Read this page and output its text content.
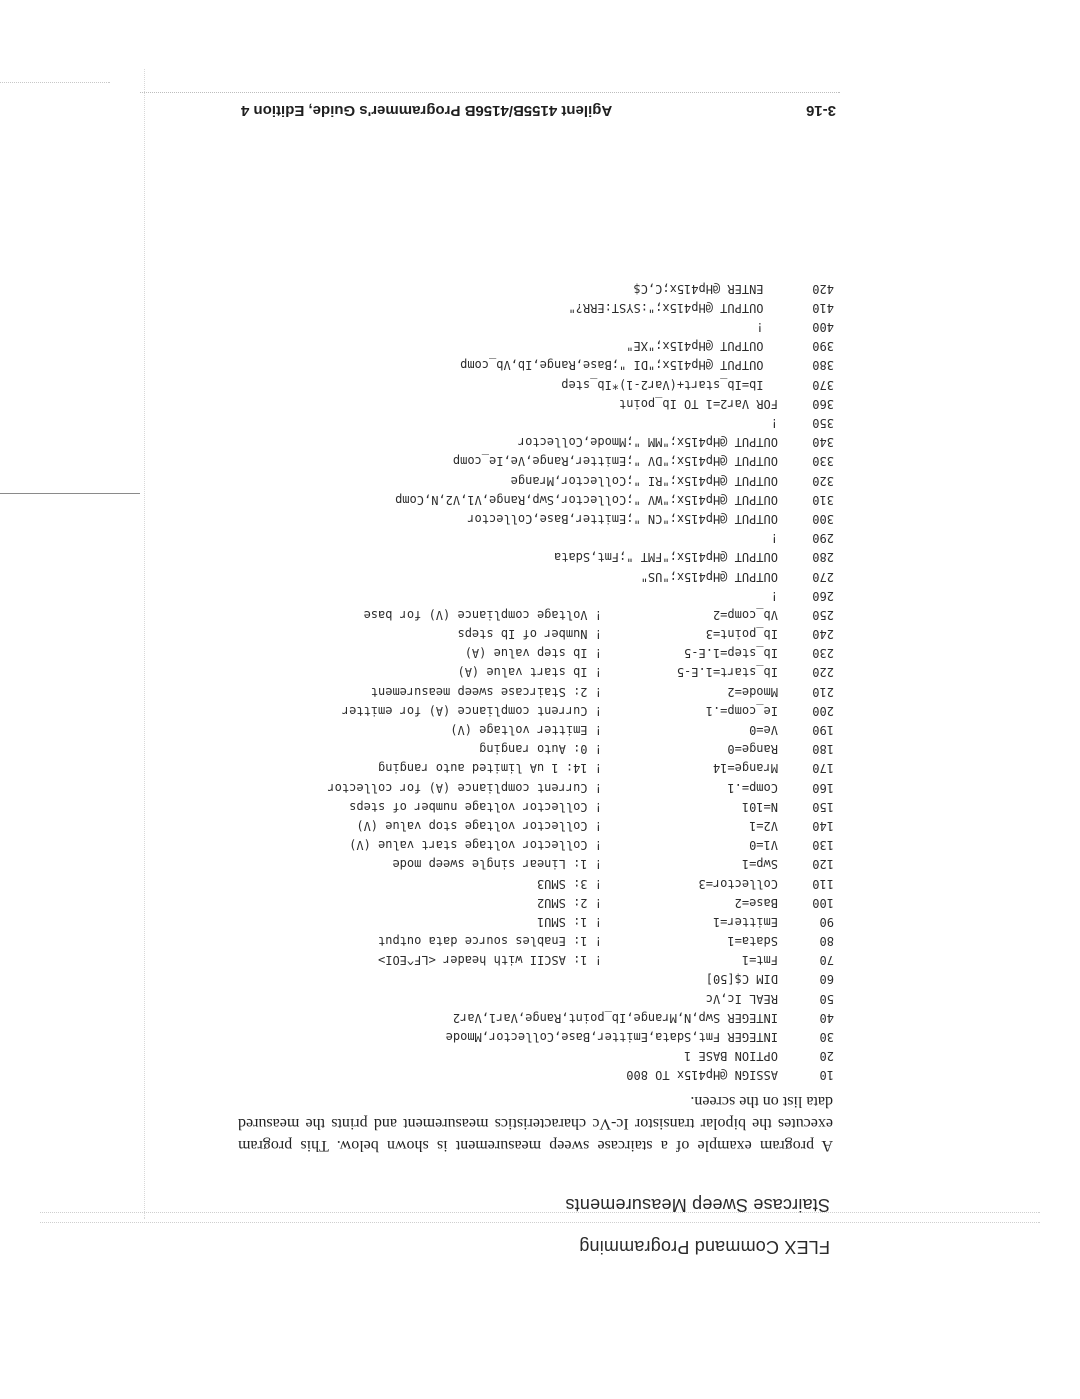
FLEX Command Programming
Staircase Sweep Measurements
A program example of a staircase sweep measurement is shown below. This program executes the bipolar transistor Ic-Vc characteristics measurement and prints the measured data list on the screen.
10
ASSIGN @Hp415x TO 800
20
OPTION BASE 1
30
INTEGER Fmt,Sdata,Emitter,Base,Collector,Mmode
40
INTEGER Swp,N,Mrange,Ib_point,Range,Var1,Var2
50
REAL Ic,Vc
60
DIM C$[50]
70
Fmt=1
! 1: ASCII with header <LF^EOI>
80
Sdata=1
! 1: Enables source data output
90
Emitter=1
! 1: SMU1
100
Base=2
! 2: SMU2
110
Collector=3
! 3: SMU3
120
Swp=1
! 1: Linear single sweep mode
130
V1=0
! Collector voltage start value (V)
140
V2=1
! Collector voltage stop value (V)
150
N=101
! Collector voltage number of steps
160
Comp=.1
! Current compliance (A) for collector
170
Mrange=14
! 14: 1 uA limited auto ranging
180
Range=0
! 0: Auto ranging
190
Ve=0
! Emitter voltage (V)
200
Ie_comp=.1
! Current compliance (A) for emitter
210
Mmode=2
! 2: Staircase sweep measurement
220
Ib_start=1.E-5
! Ib start value (A)
230
Ib_step=1.E-5
! Ib step value (A)
240
Ib_point=3
! Number of Ib steps
250
Vb_comp=2
! Voltage compliance (V) for base
260
!
270
OUTPUT @Hp415x;"US"
280
OUTPUT @Hp415x;"FMT ";Fmt,Sdata
290
!
300
OUTPUT @Hp415x;"CN ";Emitter,Base,Collector
310
OUTPUT @Hp415x;"WV ";Collector,Swp,Range,V1,V2,N,Comp
320
OUTPUT @Hp415x;"RI ";Collector,Mrange
330
OUTPUT @Hp415x;"DV ";Emitter,Range,Ve,Ie_comp
340
OUTPUT @Hp415x;"MM ";Mmode,Collector
350
!
360
FOR Var2=1 TO Ib_point
370
Ib=Ib_start+(Var2-1)*Ib_step
380
OUTPUT @Hp415x;"DI ";Base,Range,Ib,Vb_comp
390
OUTPUT @Hp415x;"XE"
400
!
410
OUTPUT @Hp415x;":SYST:ERR?"
420
ENTER @Hp415x;C,C$
3-16
Agilent 4155B/4156B Programmer's Guide, Edition 4
